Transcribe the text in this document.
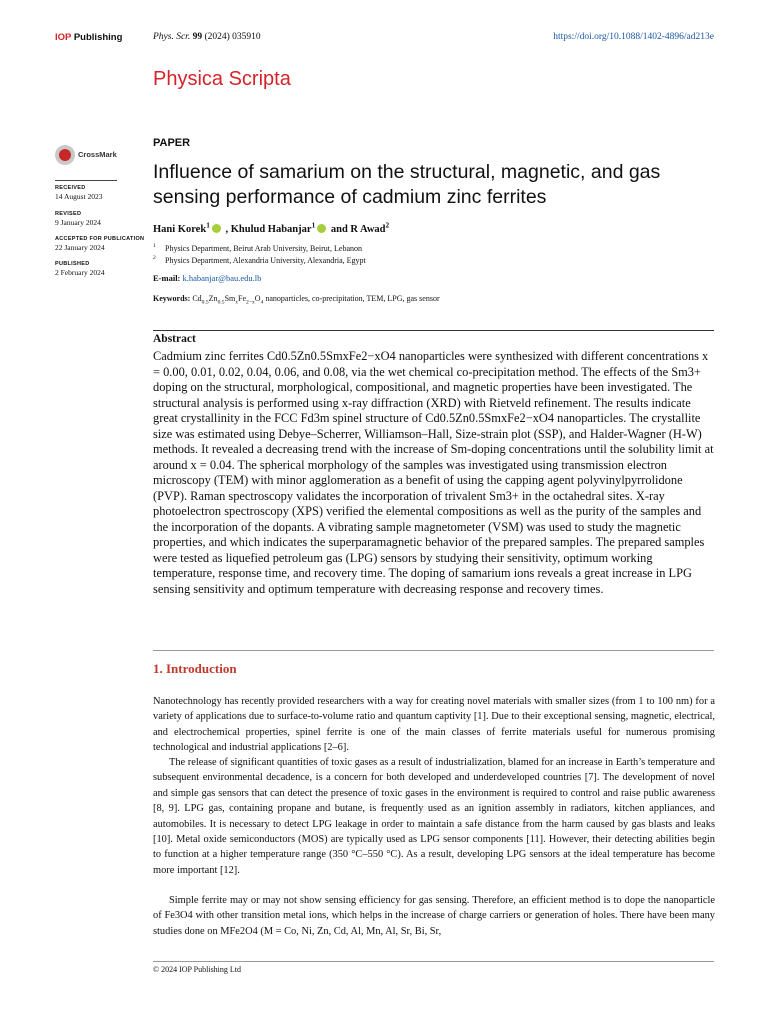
IOP Publishing	Phys. Scr. 99 (2024) 035910	https://doi.org/10.1088/1402-4896/ad213e
Physica Scripta
CrossMark
RECEIVED
14 August 2023
REVISED
9 January 2024
ACCEPTED FOR PUBLICATION
22 January 2024
PUBLISHED
2 February 2024
PAPER
Influence of samarium on the structural, magnetic, and gas sensing performance of cadmium zinc ferrites
Hani Korek$^1$ , Khulud Habanjar$^1$ and R Awad$^2$
$^1$ Physics Department, Beirut Arab University, Beirut, Lebanon
$^2$ Physics Department, Alexandria University, Alexandria, Egypt
E-mail: k.habanjar@bau.edu.lb
Keywords: $Cd_{0.5}Zn_{0.5}Sm_xFe_{2-x}O_4$ nanoparticles, co-precipitation, TEM, LPG, gas sensor
Abstract
Cadmium zinc ferrites Cd0.5Zn0.5SmxFe2−xO4 nanoparticles were synthesized with different concentrations x = 0.00, 0.01, 0.02, 0.04, 0.06, and 0.08, via the wet chemical co-precipitation method. The effects of the Sm3+ doping on the structural, morphological, compositional, and magnetic properties have been investigated. The structural analysis is performed using x-ray diffraction (XRD) with Rietveld refinement. The results indicate great crystallinity in the FCC Fd3m spinel structure of Cd0.5Zn0.5SmxFe2−xO4 nanoparticles. The crystallite size was estimated using Debye–Scherrer, Williamson–Hall, Size-strain plot (SSP), and Halder-Wagner (H-W) methods. It revealed a decreasing trend with the increase of Sm-doping concentrations until the solubility limit at around x = 0.04. The spherical morphology of the samples was investigated using transmission electron microscopy (TEM) with minor agglomeration as a benefit of using the capping agent polyvinylpyrrolidone (PVP). Raman spectroscopy validates the incorporation of trivalent Sm3+ in the octahedral sites. X-ray photoelectron spectroscopy (XPS) verified the elemental compositions as well as the purity of the samples and the incorporation of the dopants. A vibrating sample magnetometer (VSM) was used to study the magnetic properties, and which indicates the superparamagnetic behavior of the prepared samples. The prepared samples were tested as liquefied petroleum gas (LPG) sensors by studying their sensitivity, optimum working temperature, response time, and recovery time. The doping of samarium ions reveals a great increase in LPG sensing sensitivity and optimum temperature with decreasing response and recovery times.
1. Introduction
Nanotechnology has recently provided researchers with a way for creating novel materials with smaller sizes (from 1 to 100 nm) for a variety of applications due to surface-to-volume ratio and quantum captivity [1]. Due to their exceptional sensing, magnetic, electrical, and electrochemical properties, spinel ferrite is one of the main classes of ferrite materials useful for numerous promising technological and industrial applications [2–6].
The release of significant quantities of toxic gases as a result of industrialization, blamed for an increase in Earth’s temperature and subsequent environmental decadence, is a concern for both developed and underdeveloped countries [7]. The development of novel and simple gas sensors that can detect the presence of toxic gases in the environment is required to control and raise public awareness [8, 9]. LPG gas, containing propane and butane, is frequently used as an ignition assembly in radiators, kitchen appliances, and automobiles. It is necessary to detect LPG leakage in order to maintain a safe distance from the harm caused by gas blasts and leaks [10]. Metal oxide semiconductors (MOS) are typically used as LPG sensor components [11]. However, their detecting abilities begin to function at a higher temperature range (350 °C–550 °C). As a result, developing LPG sensors at the ideal temperature has become more important [12].
Simple ferrite may or may not show sensing efficiency for gas sensing. Therefore, an efficient method is to dope the nanoparticle of Fe3O4 with other transition metal ions, which helps in the increase of charge carriers or generation of holes. There have been many studies done on MFe2O4 (M = Co, Ni, Zn, Cd, Al, Mn, Al, Sr, Bi, Sr,
© 2024 IOP Publishing Ltd
